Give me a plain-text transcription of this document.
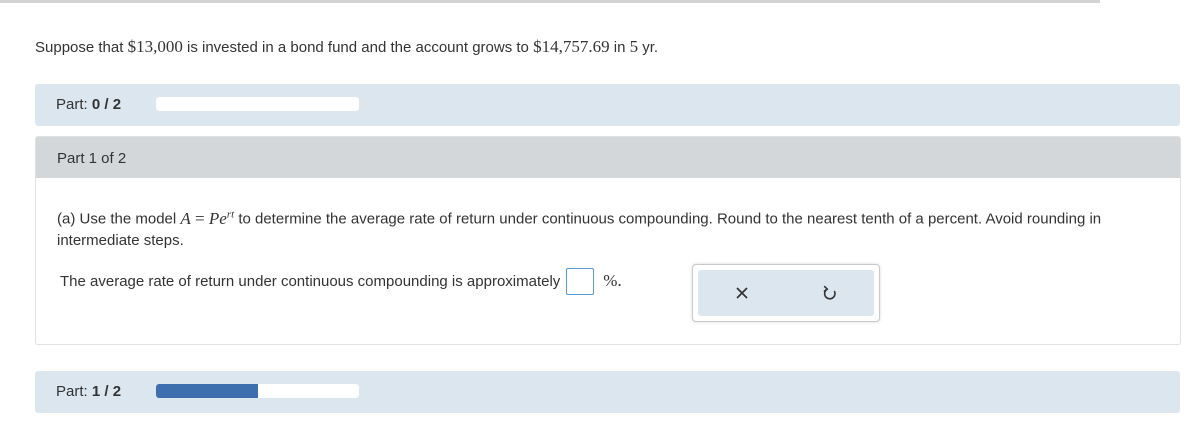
Suppose that $13,000 is invested in a bond fund and the account grows to $14,757.69 in 5 yr.
Part: 0 / 2
Part 1 of 2
(a) Use the model $A = Pe^{rt}$ to determine the average rate of return under continuous compounding. Round to the nearest tenth of a percent. Avoid rounding in intermediate steps.
The average rate of return under continuous compounding is approximately	%.
Part: 1 / 2
